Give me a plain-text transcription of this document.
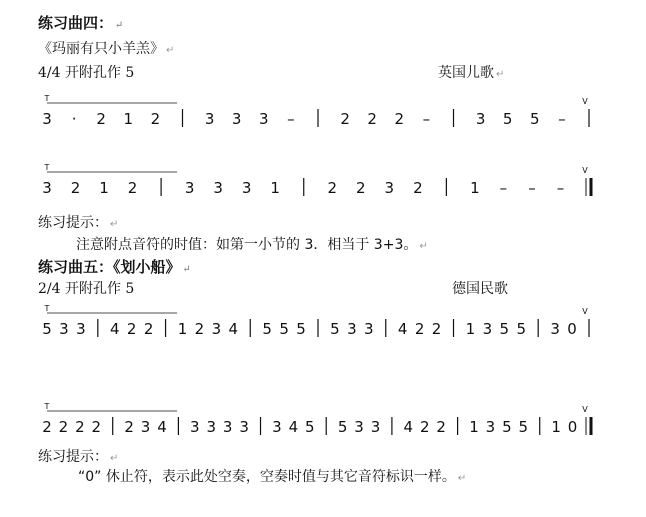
练习曲四： ↵
《玛丽有只小羊羔》 ↵
4/4 开附孔作 5	英国儿歌 ↵
练习提示： ↵
注意附点音符的时值：如第一小节的 3．相当于 3+3。 ↵
练习曲五：《划小船》 ↵
2/4 开附孔作 5	德国民歌
练习提示： ↵
“0” 休止符，表示此处空奏，空奏时值与其它音符标识一样。 ↵
3 · 2 1 2	3 3 3 –	2 2 2 –	3 5 5 –
T	V
3 2 1 2	3 3 3 1	2 2 3 2	1 – – –
T	V
5 3 3 4 2 2 1 2 3 4 5 5 5 5 3 3 4 2 2 1 3 5 5 3 0
T	V
2 2 2 2 2 3 4 3 3 3 3 3 4 5 5 3 3 4 2 2 1 3 5 5 1 0
T	V
